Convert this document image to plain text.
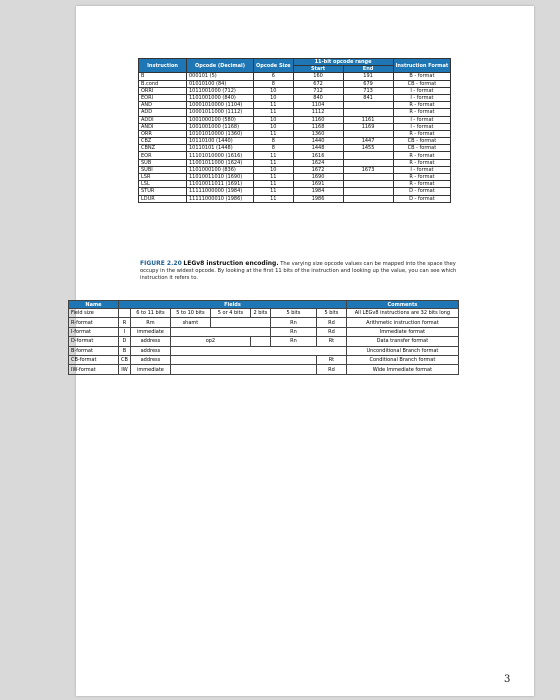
Instruction	Opcode (Decimal)	Opcode Size	11-bit opcode range		Instruction Format
			Start	End	
B	000101 (5)	6	160	191	B - format
B.cond	01010100 (84)	8	672	679	CB - format
ORRI	1011001000 (712)	10	712	713	I - format
EORI	1101001000 (840)	10	840	841	I - format
AND	10001010000 (1104)	11	1104		R - format
ADD	10001011000 (1112)	11	1112		R - format
ADDI	1001000100 (580)	10	1160	1161	I - format
ANDI	1001001000 (1168)	10	1168	1169	I - format
ORR	10101010000 (1360)	11	1360		R - format
CBZ	10110100 (1440)	8	1440	1447	CB - format
CBNZ	10110101 (1448)	8	1448	1455	CB - format
EOR	11101010000 (1616)	11	1616		R - format
SUB	11001011000 (1624)	11	1624		R - format
SUBI	1101000100 (836)	10	1672	1673	I - format
LSR	11010011010 (1690)	11	1690		R - format
LSL	11010011011 (1691)	11	1691		R - format
STUR	11111000000 (1984)	11	1984		D - format
LDUR	11111000010 (1986)	11	1986		D - format
FIGURE 2.20 LEGv8 instruction encoding. The varying size opcode values can be mapped into the space they occupy in the widest opcode. By looking at the first 11 bits of the instruction and looking up the value, you can see which instruction it refers to.
Name	Fields							Comments
Field size		6 to 11 bits	5 to 10 bits	5 or 4 bits	2 bits	5 bits	5 bits	All LEGv8 instructions are 32 bits long
R-format	R	Rm	shamt			Rn	Rd	Arithmetic instruction format
I-format	I	immediate				Rn	Rd	Immediate format
D-format	D	address	op2			Rn	Rt	Data transfer format
B-format	B	address						Unconditional Branch format
CB-format	CB	address					Rt	Conditional Branch format
IW-format	IW	immediate					Rd	Wide Immediate format
3
